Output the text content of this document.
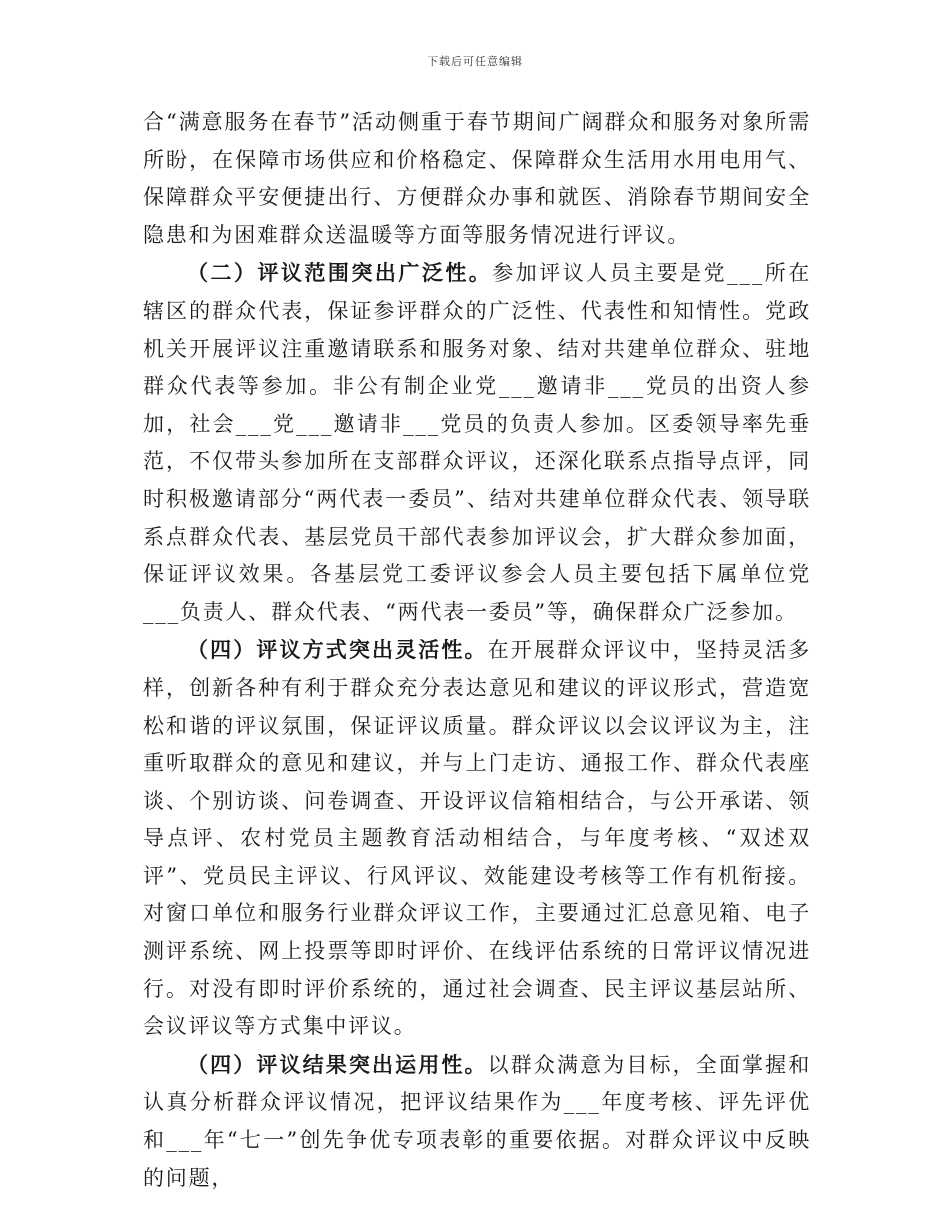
下载后可任意编辑

合“满意服务在春节”活动侧重于春节期间广阔群众和服务对象所需所盼，在保障市场供应和价格稳定、保障群众生活用水用电用气、保障群众平安便捷出行、方便群众办事和就医、消除春节期间安全隐患和为困难群众送温暖等方面等服务情况进行评议。

（二）评议范围突出广泛性。参加评议人员主要是党___所在辖区的群众代表，保证参评群众的广泛性、代表性和知情性。党政机关开展评议注重邀请联系和服务对象、结对共建单位群众、驻地群众代表等参加。非公有制企业党___邀请非___党员的出资人参加，社会___党___邀请非___党员的负责人参加。区委领导率先垂范，不仅带头参加所在支部群众评议，还深化联系点指导点评，同时积极邀请部分“两代表一委员”、结对共建单位群众代表、领导联系点群众代表、基层党员干部代表参加评议会，扩大群众参加面，保证评议效果。各基层党工委评议参会人员主要包括下属单位党___负责人、群众代表、“两代表一委员”等，确保群众广泛参加。

（四）评议方式突出灵活性。在开展群众评议中，坚持灵活多样，创新各种有利于群众充分表达意见和建议的评议形式，营造宽松和谐的评议氛围，保证评议质量。群众评议以会议评议为主，注重听取群众的意见和建议，并与上门走访、通报工作、群众代表座谈、个别访谈、问卷调查、开设评议信箱相结合，与公开承诺、领导点评、农村党员主题教育活动相结合，与年度考核、“双述双评”、党员民主评议、行风评议、效能建设考核等工作有机衔接。对窗口单位和服务行业群众评议工作，主要通过汇总意见箱、电子测评系统、网上投票等即时评价、在线评估系统的日常评议情况进行。对没有即时评价系统的，通过社会调查、民主评议基层站所、会议评议等方式集中评议。

（四）评议结果突出运用性。以群众满意为目标，全面掌握和认真分析群众评议情况，把评议结果作为___年度考核、评先评优和___年“七一”创先争优专项表彰的重要依据。对群众评议中反映的问题，
